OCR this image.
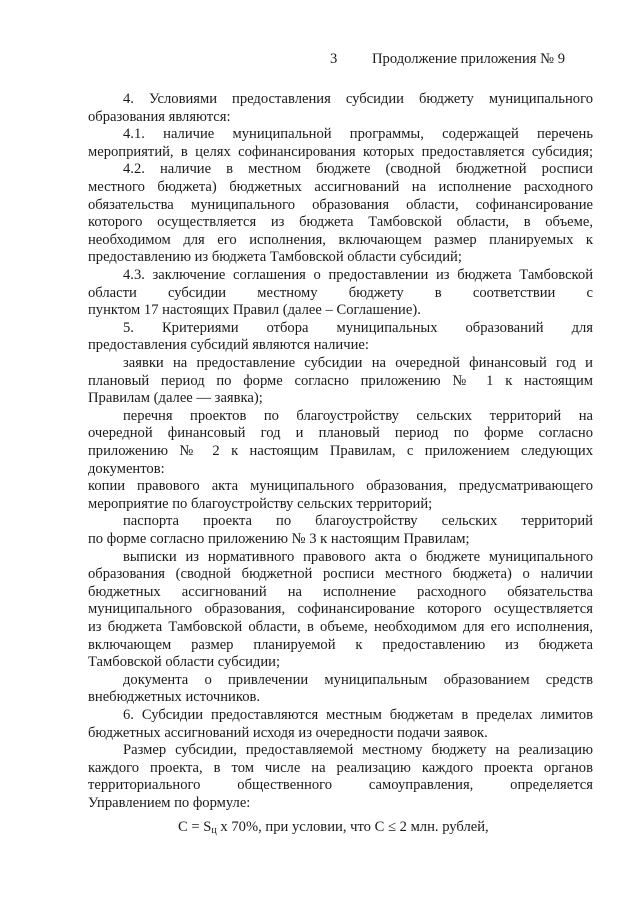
3 Продолжение приложения № 9
4. Условиями предоставления субсидии бюджету муниципального
образования являются:
4.1. наличие муниципальной программы, содержащей перечень
мероприятий, в целях софинансирования которых предоставляется субсидия;
4.2. наличие в местном бюджете (сводной бюджетной росписи
местного бюджета) бюджетных ассигнований на исполнение расходного
обязательства муниципального образования области, софинансирование
которого осуществляется из бюджета Тамбовской области, в объеме,
необходимом для его исполнения, включающем размер планируемых к
предоставлению из бюджета Тамбовской области субсидий;
4.3. заключение соглашения о предоставлении из бюджета Тамбовской
области субсидии местному бюджету в соответствии с
пунктом 17 настоящих Правил (далее – Соглашение).
5. Критериями отбора муниципальных образований для
предоставления субсидий являются наличие:
заявки на предоставление субсидии на очередной финансовый год и
плановый период по форме согласно приложению № 1 к настоящим
Правилам (далее — заявка);
перечня проектов по благоустройству сельских территорий на
очередной финансовый год и плановый период по форме согласно
приложению № 2 к настоящим Правилам, с приложением следующих
документов:
копии правового акта муниципального образования, предусматривающего
мероприятие по благоустройству сельских территорий;
паспорта проекта по благоустройству сельских территорий
по форме согласно приложению № 3 к настоящим Правилам;
выписки из нормативного правового акта о бюджете муниципального
образования (сводной бюджетной росписи местного бюджета) о наличии
бюджетных ассигнований на исполнение расходного обязательства
муниципального образования, софинансирование которого осуществляется
из бюджета Тамбовской области, в объеме, необходимом для его исполнения,
включающем размер планируемой к предоставлению из бюджета
Тамбовской области субсидии;
документа о привлечении муниципальным образованием средств
внебюджетных источников.
6. Субсидии предоставляются местным бюджетам в пределах лимитов
бюджетных ассигнований исходя из очередности подачи заявок.
Размер субсидии, предоставляемой местному бюджету на реализацию
каждого проекта, в том числе на реализацию каждого проекта органов
территориального общественного самоуправления, определяется
Управлением по формуле:
$C = S_ц$ х 70%, при условии, что С ≤ 2 млн. рублей,
